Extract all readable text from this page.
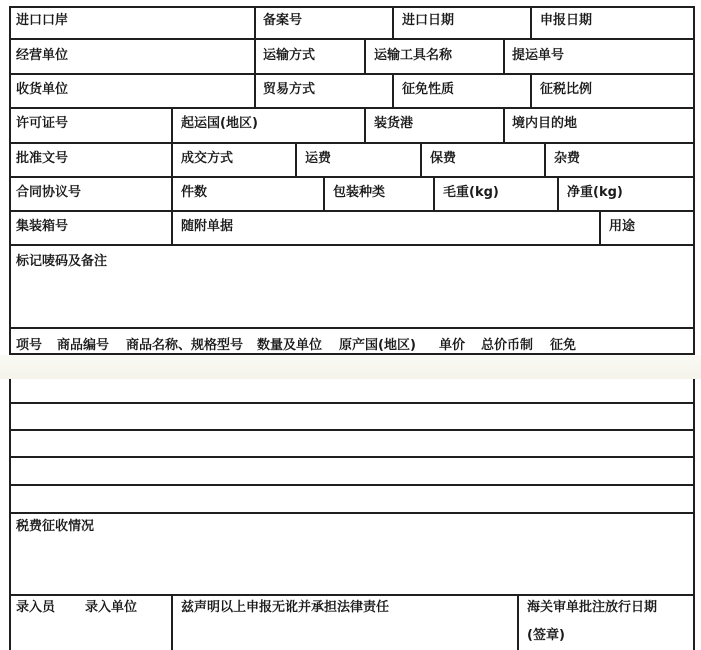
进口口岸	备案号	进口日期	申报日期
经营单位	运输方式	运输工具名称	提运单号
收货单位	贸易方式	征免性质	征税比例
许可证号	起运国(地区)	装货港	境内目的地
批准文号	成交方式	运费	保费	杂费
合同协议号	件数	包装种类	毛重(kg)	净重(kg)
集装箱号	随附单据	用途
标记唛码及备注
项号 商品编号 商品名称、规格型号 数量及单位 原产国(地区) 单价 总价币制 征免
税费征收情况
录入员 录入单位	兹声明以上申报无讹并承担法律责任	海关审单批注放行日期
(签章)
